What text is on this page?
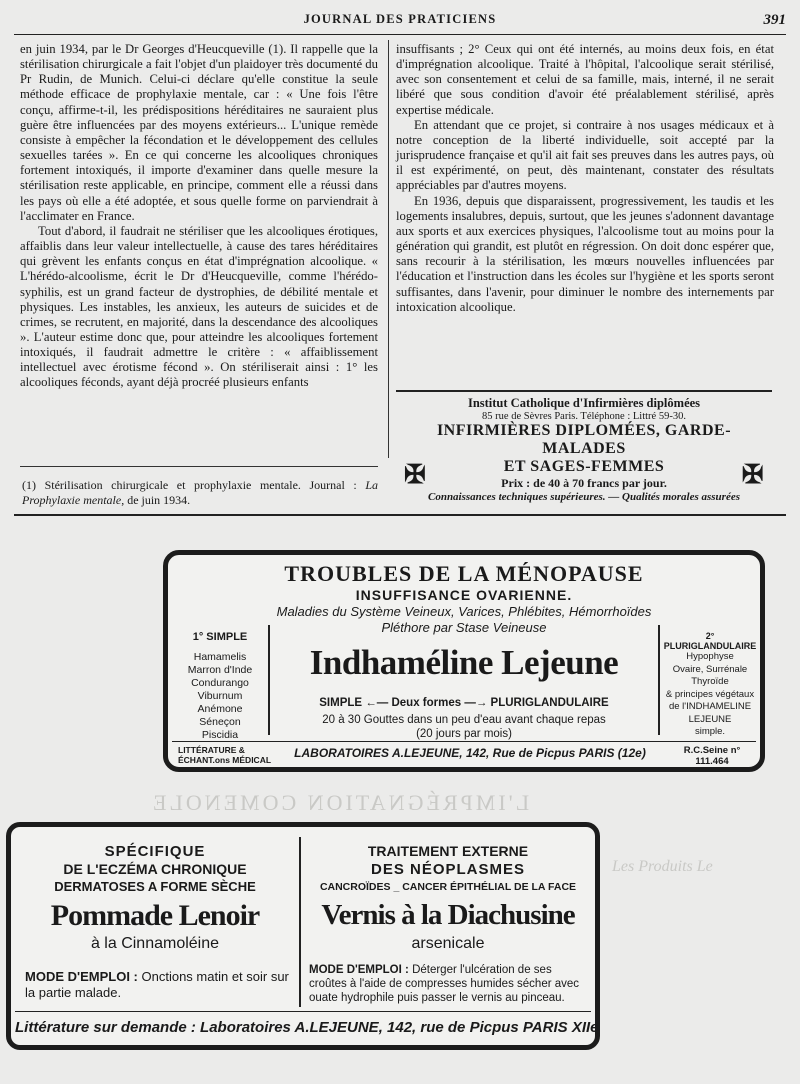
JOURNAL DES PRATICIENS	391

en juin 1934, par le Dr Georges d'Heucqueville (1). Il rappelle que la stérilisation chirurgicale a fait l'objet d'un plaidoyer très documenté du Pr Rudin, de Munich. Celui-ci déclare qu'elle constitue la seule méthode efficace de prophylaxie mentale, car : « Une fois l'être conçu, affirme-t-il, les prédispositions héréditaires ne sauraient plus guère être influencées par des moyens extérieurs... L'unique remède consiste à empêcher la fécondation et le développement des cellules sexuelles tarées ». En ce qui concerne les alcooliques chroniques fortement intoxiqués, il importe d'examiner dans quelle mesure la stérilisation reste applicable, en principe, comment elle a réussi dans les pays où elle a été adoptée, et sous quelle forme on parviendrait à l'acclimater en France.

Tout d'abord, il faudrait ne stériliser que les alcooliques érotiques, affaiblis dans leur valeur intellectuelle, à cause des tares héréditaires qui grèvent les enfants conçus en état d'imprégnation alcoolique. « L'hérédo-alcoolisme, écrit le Dr d'Heucqueville, comme l'hérédo-syphilis, est un grand facteur de dystrophies, de débilité mentale et physiques. Les instables, les anxieux, les auteurs de suicides et de crimes, se recrutent, en majorité, dans la descendance des alcooliques ». L'auteur estime donc que, pour atteindre les alcooliques fortement intoxiqués, il faudrait admettre le critère : « affaiblissement intellectuel avec érotisme fécond ». On stériliserait ainsi : 1° les alcooliques féconds, ayant déjà procréé plusieurs enfants

insuffisants ; 2° Ceux qui ont été internés, au moins deux fois, en état d'imprégnation alcoolique. Traité à l'hôpital, l'alcoolique serait stérilisé, avec son consentement et celui de sa famille, mais, interné, il ne serait libéré que sous condition d'avoir été préalablement stérilisé, après expertise médicale.

En attendant que ce projet, si contraire à nos usages médicaux et à notre conception de la liberté individuelle, soit accepté par la jurisprudence française et qu'il ait fait ses preuves dans les autres pays, où il est expérimenté, on peut, dès maintenant, constater des résultats appréciables par d'autres moyens.

En 1936, depuis que disparaissent, progressivement, les taudis et les logements insalubres, depuis, surtout, que les jeunes s'adonnent davantage aux sports et aux exercices physiques, l'alcoolisme tout au moins pour la génération qui grandit, est plutôt en régression. On doit donc espérer que, sans recourir à la stérilisation, les mœurs nouvelles influencées par l'éducation et l'instruction dans les écoles sur l'hygiène et les sports seront suffisantes, dans l'avenir, pour diminuer le nombre des internements par intoxication alcoolique.

(1) Stérilisation chirurgicale et prophylaxie mentale. Journal : La Prophylaxie mentale, de juin 1934.
Institut Catholique d'Infirmières diplômées
85 rue de Sèvres Paris. Téléphone : Littré 59-30.
INFIRMIÈRES DIPLOMÉES, GARDE-MALADES
✠	ET SAGES-FEMMES	✠
Prix : de 40 à 70 francs par jour.
Connaissances techniques supérieures. — Qualités morales assurées
L'IMPRÉGNATION COMENOLE
Les Produits Le
TROUBLES DE LA MÉNOPAUSE
INSUFFISANCE OVARIENNE.
Maladies du Système Veineux, Varices, Phlébites, Hémorrhoïdes
Pléthore par Stase Veineuse
1° SIMPLE
Hamamelis
Marron d'Inde
Condurango
Viburnum
Anémone
Séneçon
Piscidia
Indhaméline Lejeune
SIMPLE ←— Deux formes —→ PLURIGLANDULAIRE
20 à 30 Gouttes dans un peu d'eau avant chaque repas
(20 jours par mois)
2° PLURIGLANDULAIRE
Hypophyse
Ovaire, Surrénale
Thyroïde
& principes végétaux
de l'INDHAMELINE
LEJEUNE
simple.
LITTÉRATURE & ÉCHANT.ons MÉDICAL	LABORATOIRES A.LEJEUNE, 142, Rue de Picpus PARIS (12e)	R.C.Seine n° 111.464
SPÉCIFIQUE
DE L'ECZÉMA CHRONIQUE
DERMATOSES A FORME SÈCHE
Pommade Lenoir
à la Cinnamoléine
MODE D'EMPLOI : Onctions matin et soir sur la partie malade.
TRAITEMENT EXTERNE
DES NÉOPLASMES
CANCROÏDES _ CANCER ÉPITHÉLIAL DE LA FACE
Vernis à la Diachusine
arsenicale
MODE D'EMPLOI : Déterger l'ulcération de ses croûtes à l'aide de compresses humides sécher avec ouate hydrophile puis passer le vernis au pinceau.
Littérature sur demande : Laboratoires A.LEJEUNE, 142, rue de Picpus PARIS XIIe
